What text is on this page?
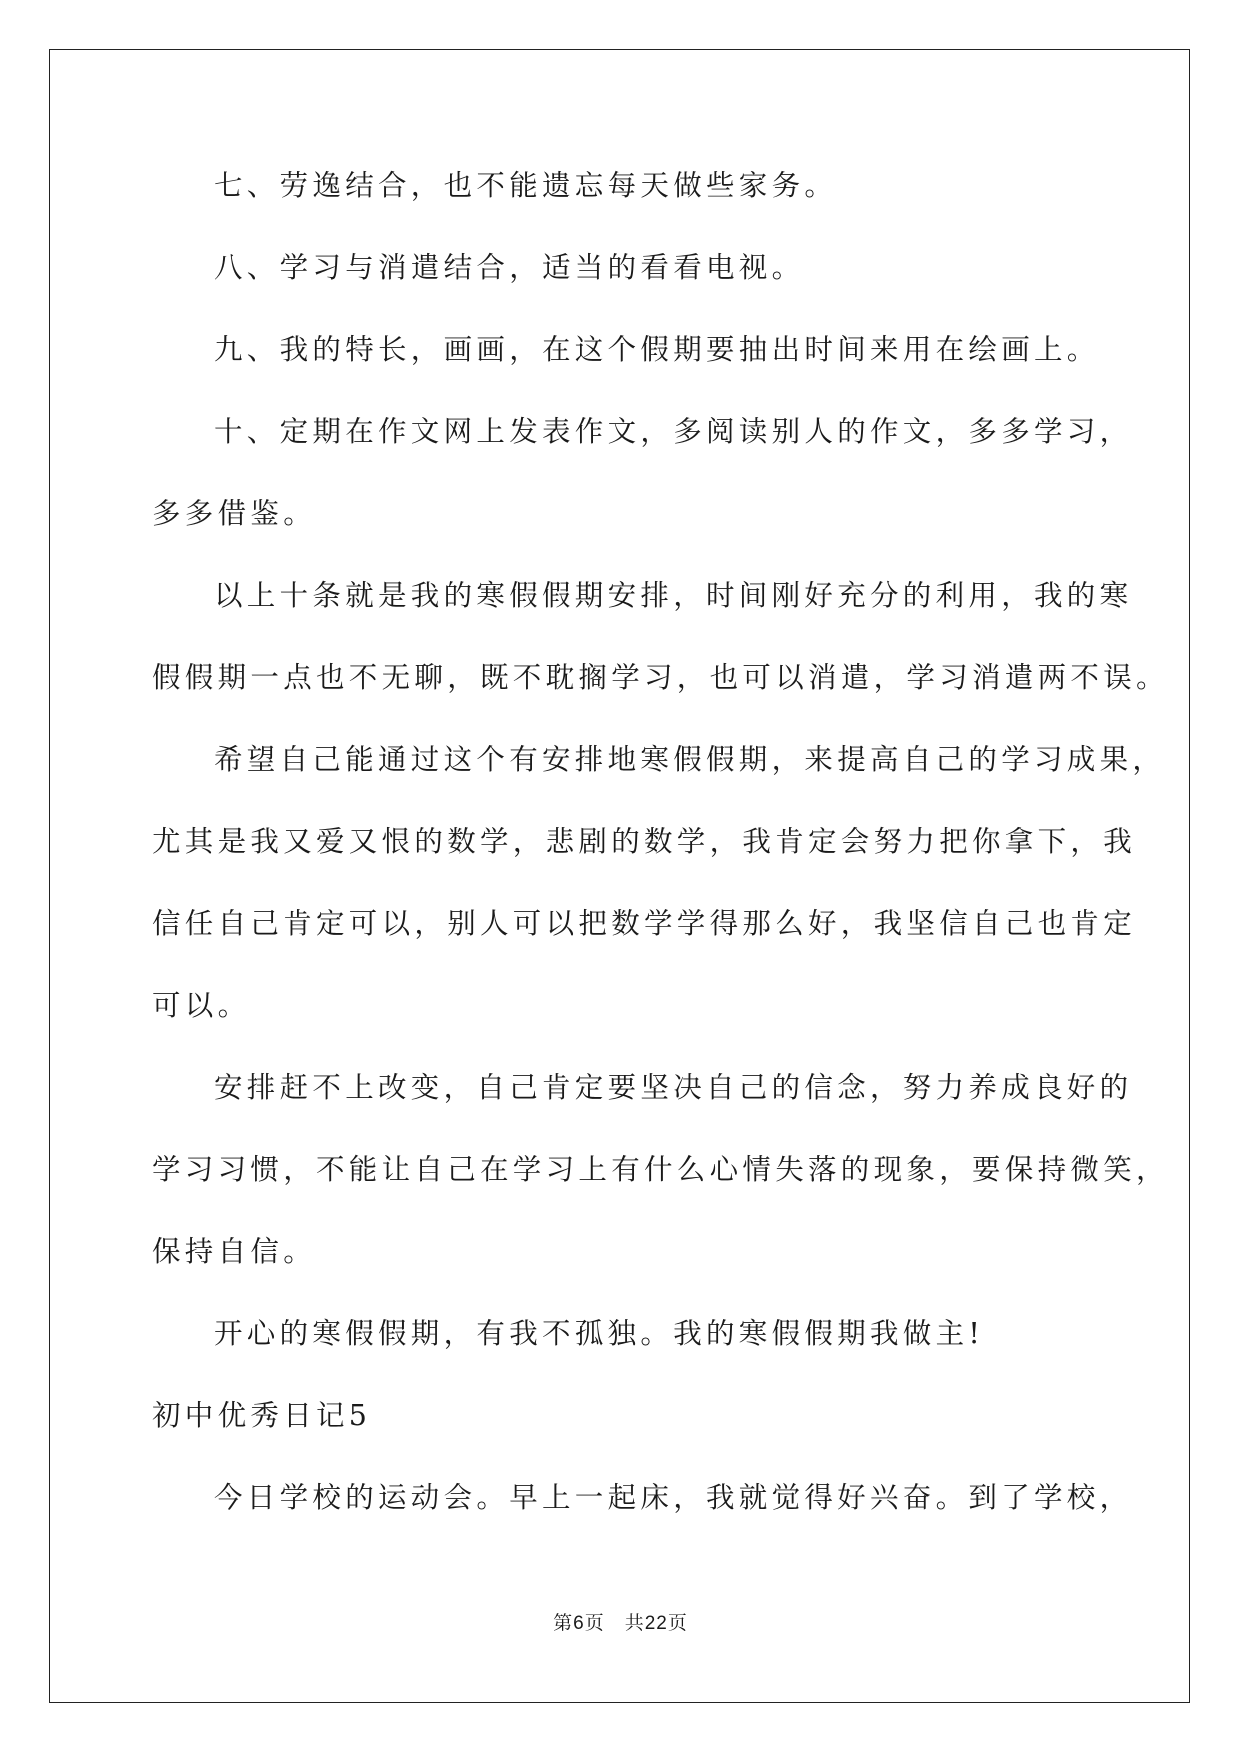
七、劳逸结合，也不能遗忘每天做些家务。
八、学习与消遣结合，适当的看看电视。
九、我的特长，画画，在这个假期要抽出时间来用在绘画上。
十、定期在作文网上发表作文，多阅读别人的作文，多多学习，
多多借鉴。
以上十条就是我的寒假假期安排，时间刚好充分的利用，我的寒
假假期一点也不无聊，既不耽搁学习，也可以消遣，学习消遣两不误。
希望自己能通过这个有安排地寒假假期，来提高自己的学习成果，
尤其是我又爱又恨的数学，悲剧的数学，我肯定会努力把你拿下，我
信任自己肯定可以，别人可以把数学学得那么好，我坚信自己也肯定
可以。
安排赶不上改变，自己肯定要坚决自己的信念，努力养成良好的
学习习惯，不能让自己在学习上有什么心情失落的现象，要保持微笑，
保持自信。
开心的寒假假期，有我不孤独。我的寒假假期我做主!
初中优秀日记5
今日学校的运动会。早上一起床，我就觉得好兴奋。到了学校，
第6页　共22页
